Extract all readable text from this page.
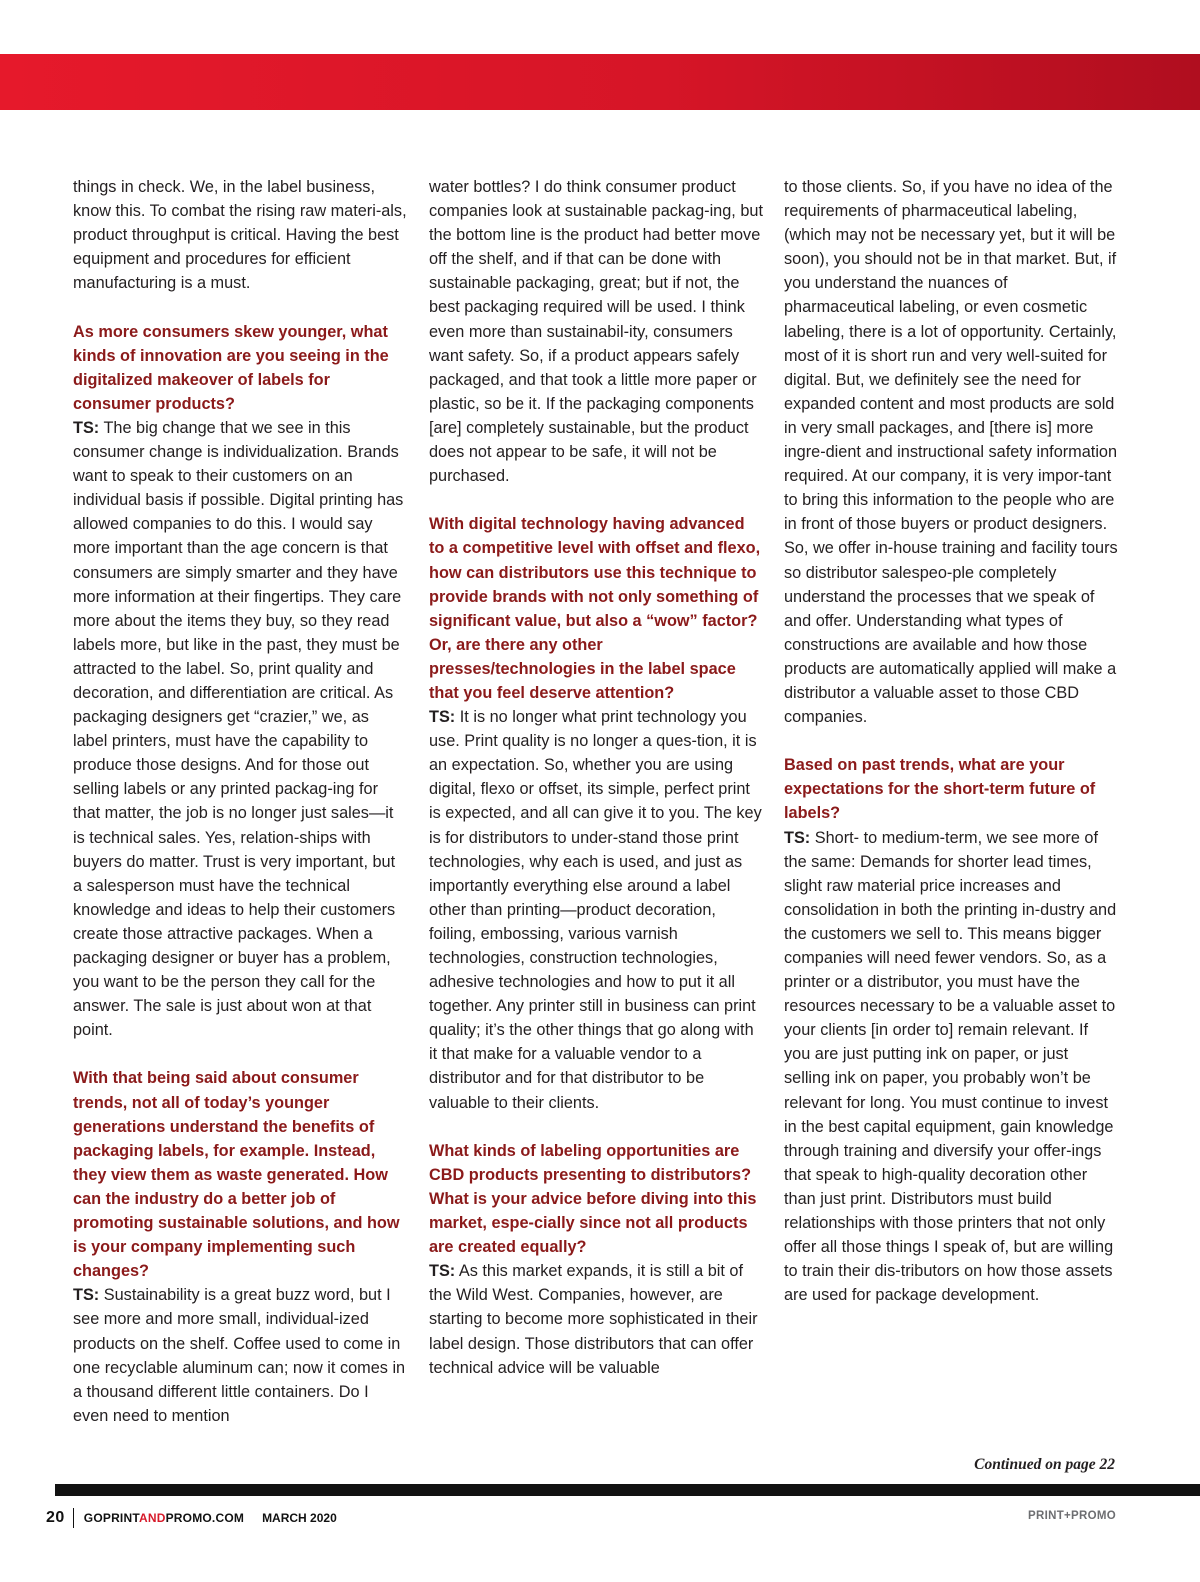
things in check. We, in the label business, know this. To combat the rising raw materi-als, product throughput is critical. Having the best equipment and procedures for efficient manufacturing is a must.

As more consumers skew younger, what kinds of innovation are you seeing in the digitalized makeover of labels for consumer products?

TS: The big change that we see in this consumer change is individualization. Brands want to speak to their customers on an individual basis if possible. Digital printing has allowed companies to do this. I would say more important than the age concern is that consumers are simply smarter and they have more information at their fingertips. They care more about the items they buy, so they read labels more, but like in the past, they must be attracted to the label. So, print quality and decoration, and differentiation are critical. As packaging designers get “crazier,” we, as label printers, must have the capability to produce those designs. And for those out selling labels or any printed packag-ing for that matter, the job is no longer just sales—it is technical sales. Yes, relation-ships with buyers do matter. Trust is very important, but a salesperson must have the technical knowledge and ideas to help their customers create those attractive packages. When a packaging designer or buyer has a problem, you want to be the person they call for the answer. The sale is just about won at that point.

With that being said about consumer trends, not all of today’s younger generations understand the benefits of packaging labels, for example. Instead, they view them as waste generated. How can the industry do a better job of promoting sustainable solutions, and how is your company implementing such changes?

TS: Sustainability is a great buzz word, but I see more and more small, individual-ized products on the shelf. Coffee used to come in one recyclable aluminum can; now it comes in a thousand different little containers. Do I even need to mention

water bottles? I do think consumer product companies look at sustainable packag-ing, but the bottom line is the product had better move off the shelf, and if that can be done with sustainable packaging, great; but if not, the best packaging required will be used. I think even more than sustainabil-ity, consumers want safety. So, if a product appears safely packaged, and that took a little more paper or plastic, so be it. If the packaging components [are] completely sustainable, but the product does not appear to be safe, it will not be purchased.

With digital technology having advanced to a competitive level with offset and flexo, how can distributors use this technique to provide brands with not only something of significant value, but also a “wow” factor? Or, are there any other presses/technologies in the label space that you feel deserve attention?

TS: It is no longer what print technology you use. Print quality is no longer a ques-tion, it is an expectation. So, whether you are using digital, flexo or offset, its simple, perfect print is expected, and all can give it to you. The key is for distributors to under-stand those print technologies, why each is used, and just as importantly everything else around a label other than printing—product decoration, foiling, embossing, various varnish technologies, construction technologies, adhesive technologies and how to put it all together. Any printer still in business can print quality; it’s the other things that go along with it that make for a valuable vendor to a distributor and for that distributor to be valuable to their clients.

What kinds of labeling opportunities are CBD products presenting to distributors? What is your advice before diving into this market, espe-cially since not all products are created equally?

TS: As this market expands, it is still a bit of the Wild West. Companies, however, are starting to become more sophisticated in their label design. Those distributors that can offer technical advice will be valuable

to those clients. So, if you have no idea of the requirements of pharmaceutical labeling, (which may not be necessary yet, but it will be soon), you should not be in that market. But, if you understand the nuances of pharmaceutical labeling, or even cosmetic labeling, there is a lot of opportunity. Certainly, most of it is short run and very well-suited for digital. But, we definitely see the need for expanded content and most products are sold in very small packages, and [there is] more ingre-dient and instructional safety information required. At our company, it is very impor-tant to bring this information to the people who are in front of those buyers or product designers. So, we offer in-house training and facility tours so distributor salespeo-ple completely understand the processes that we speak of and offer. Understanding what types of constructions are available and how those products are automatically applied will make a distributor a valuable asset to those CBD companies.

Based on past trends, what are your expectations for the short-term future of labels?

TS: Short- to medium-term, we see more of the same: Demands for shorter lead times, slight raw material price increases and consolidation in both the printing in-dustry and the customers we sell to. This means bigger companies will need fewer vendors. So, as a printer or a distributor, you must have the resources necessary to be a valuable asset to your clients [in order to] remain relevant. If you are just putting ink on paper, or just selling ink on paper, you probably won’t be relevant for long. You must continue to invest in the best capital equipment, gain knowledge through training and diversify your offer-ings that speak to high-quality decoration other than just print. Distributors must build relationships with those printers that not only offer all those things I speak of, but are willing to train their dis-tributors on how those assets are used for package development.

Continued on page 22
20 GOPRINTANDPROMO.COM MARCH 2020	PRINT+PROMO
